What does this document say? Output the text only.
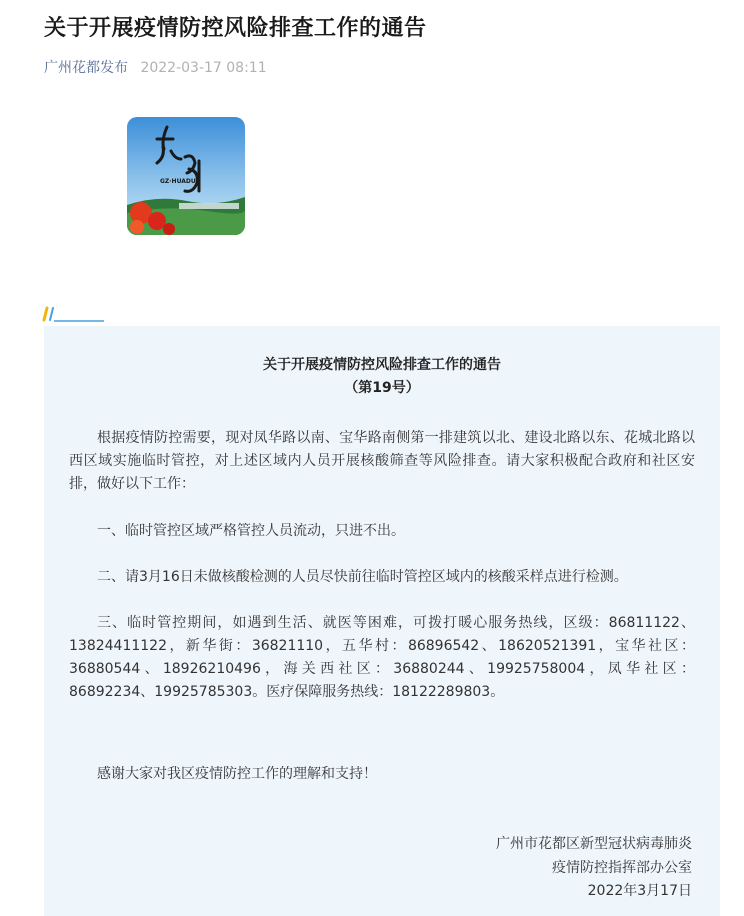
关于开展疫情防控风险排查工作的通告
广州花都发布 2022-03-17 08:11
GZ·HUADU
关于开展疫情防控风险排查工作的通告
（第19号）
根据疫情防控需要，现对凤华路以南、宝华路南侧第一排建筑以北、建设北路以东、花城北路以西区域实施临时管控，对上述区域内人员开展核酸筛查等风险排查。请大家积极配合政府和社区安排，做好以下工作：
一、临时管控区域严格管控人员流动，只进不出。
二、请3月16日未做核酸检测的人员尽快前往临时管控区域内的核酸采样点进行检测。
三、临时管控期间，如遇到生活、就医等困难，可拨打暖心服务热线，区级：86811122、13824411122，新华街：36821110，五华村：86896542、18620521391，宝华社区：36880544、18926210496，海关西社区：36880244、19925758004，凤华社区：86892234、19925785303。医疗保障服务热线：18122289803。
感谢大家对我区疫情防控工作的理解和支持！
广州市花都区新型冠状病毒肺炎
疫情防控指挥部办公室
2022年3月17日
